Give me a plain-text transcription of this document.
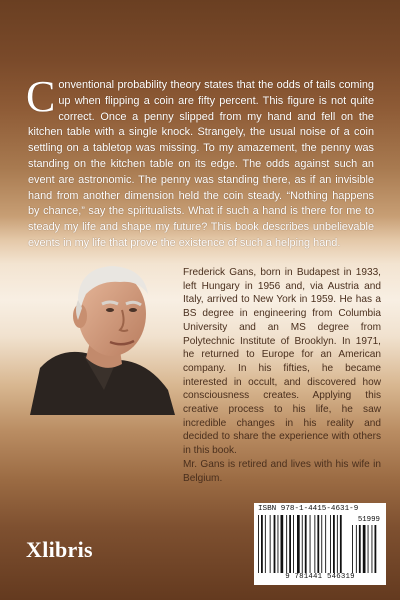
Conventional probability theory states that the odds of tails coming up when flipping a coin are fifty percent. This figure is not quite correct. Once a penny slipped from my hand and fell on the kitchen table with a single knock. Strangely, the usual noise of a coin settling on a tabletop was missing. To my amazement, the penny was standing on the kitchen table on its edge. The odds against such an event are astronomic. The penny was standing there, as if an invisible hand from another dimension held the coin steady. “Nothing happens by chance,” say the spiritualists. What if such a hand is there for me to steady my life and shape my future? This book describes unbelievable events in my life that prove the existence of such a helping hand.

Frederick Gans, born in Budapest in 1933, left Hungary in 1956 and, via Austria and Italy, arrived to New York in 1959. He has a BS degree in engineering from Columbia University and an MS degree from Polytechnic Institute of Brooklyn. In 1971, he returned to Europe for an American company. In his fifties, he became interested in occult, and discovered how consciousness creates. Applying this creative process to his life, he saw incredible changes in his reality and decided to share the experience with others in this book.

Mr. Gans is retired and lives with his wife in Belgium.

Xlibris
ISBN 978-1-4415-4631-9
51999
9 781441 546319
